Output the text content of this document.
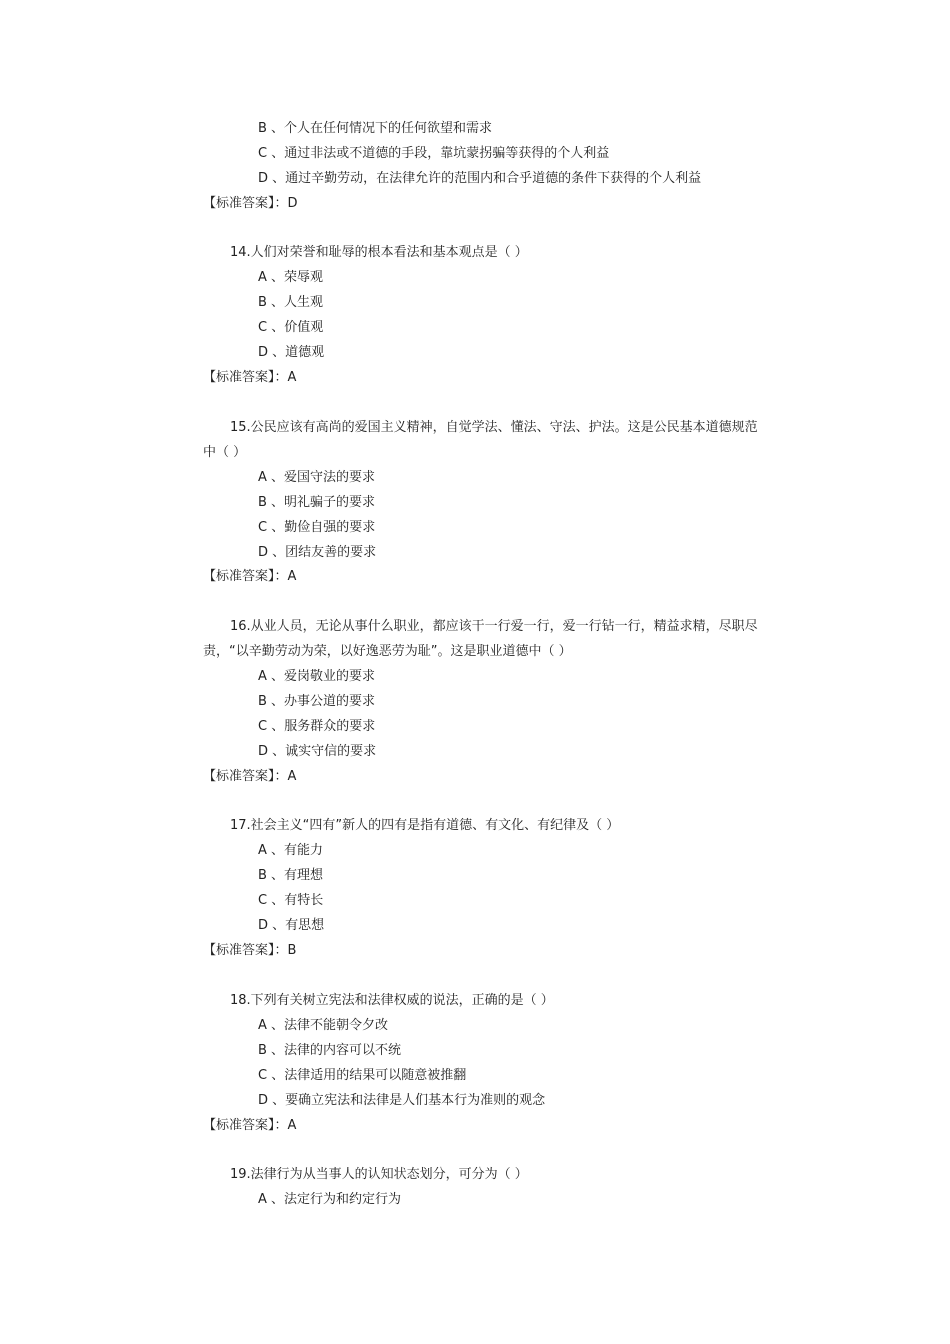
B 、个人在任何情况下的任何欲望和需求
C 、通过非法或不道德的手段，靠坑蒙拐骗等获得的个人利益
D 、通过辛勤劳动，在法律允许的范围内和合乎道德的条件下获得的个人利益
【标准答案】：D
14.人们对荣誉和耻辱的根本看法和基本观点是（ ）
A 、荣辱观
B 、人生观
C 、价值观
D 、道德观
【标准答案】：A
15.公民应该有高尚的爱国主义精神，自觉学法、懂法、守法、护法。这是公民基本道德规范
中（ ）
A 、爱国守法的要求
B 、明礼骗子的要求
C 、勤俭自强的要求
D 、团结友善的要求
【标准答案】：A
16.从业人员，无论从事什么职业，都应该干一行爱一行，爱一行钻一行，精益求精，尽职尽
责，“以辛勤劳动为荣，以好逸恶劳为耻”。这是职业道德中（ ）
A 、爱岗敬业的要求
B 、办事公道的要求
C 、服务群众的要求
D 、诚实守信的要求
【标准答案】：A
17.社会主义“四有”新人的四有是指有道德、有文化、有纪律及（ ）
A 、有能力
B 、有理想
C 、有特长
D 、有思想
【标准答案】：B
18.下列有关树立宪法和法律权威的说法，正确的是（ ）
A 、法律不能朝令夕改
B 、法律的内容可以不统
C 、法律适用的结果可以随意被推翻
D 、要确立宪法和法律是人们基本行为准则的观念
【标准答案】：A
19.法律行为从当事人的认知状态划分，可分为（ ）
A 、法定行为和约定行为
